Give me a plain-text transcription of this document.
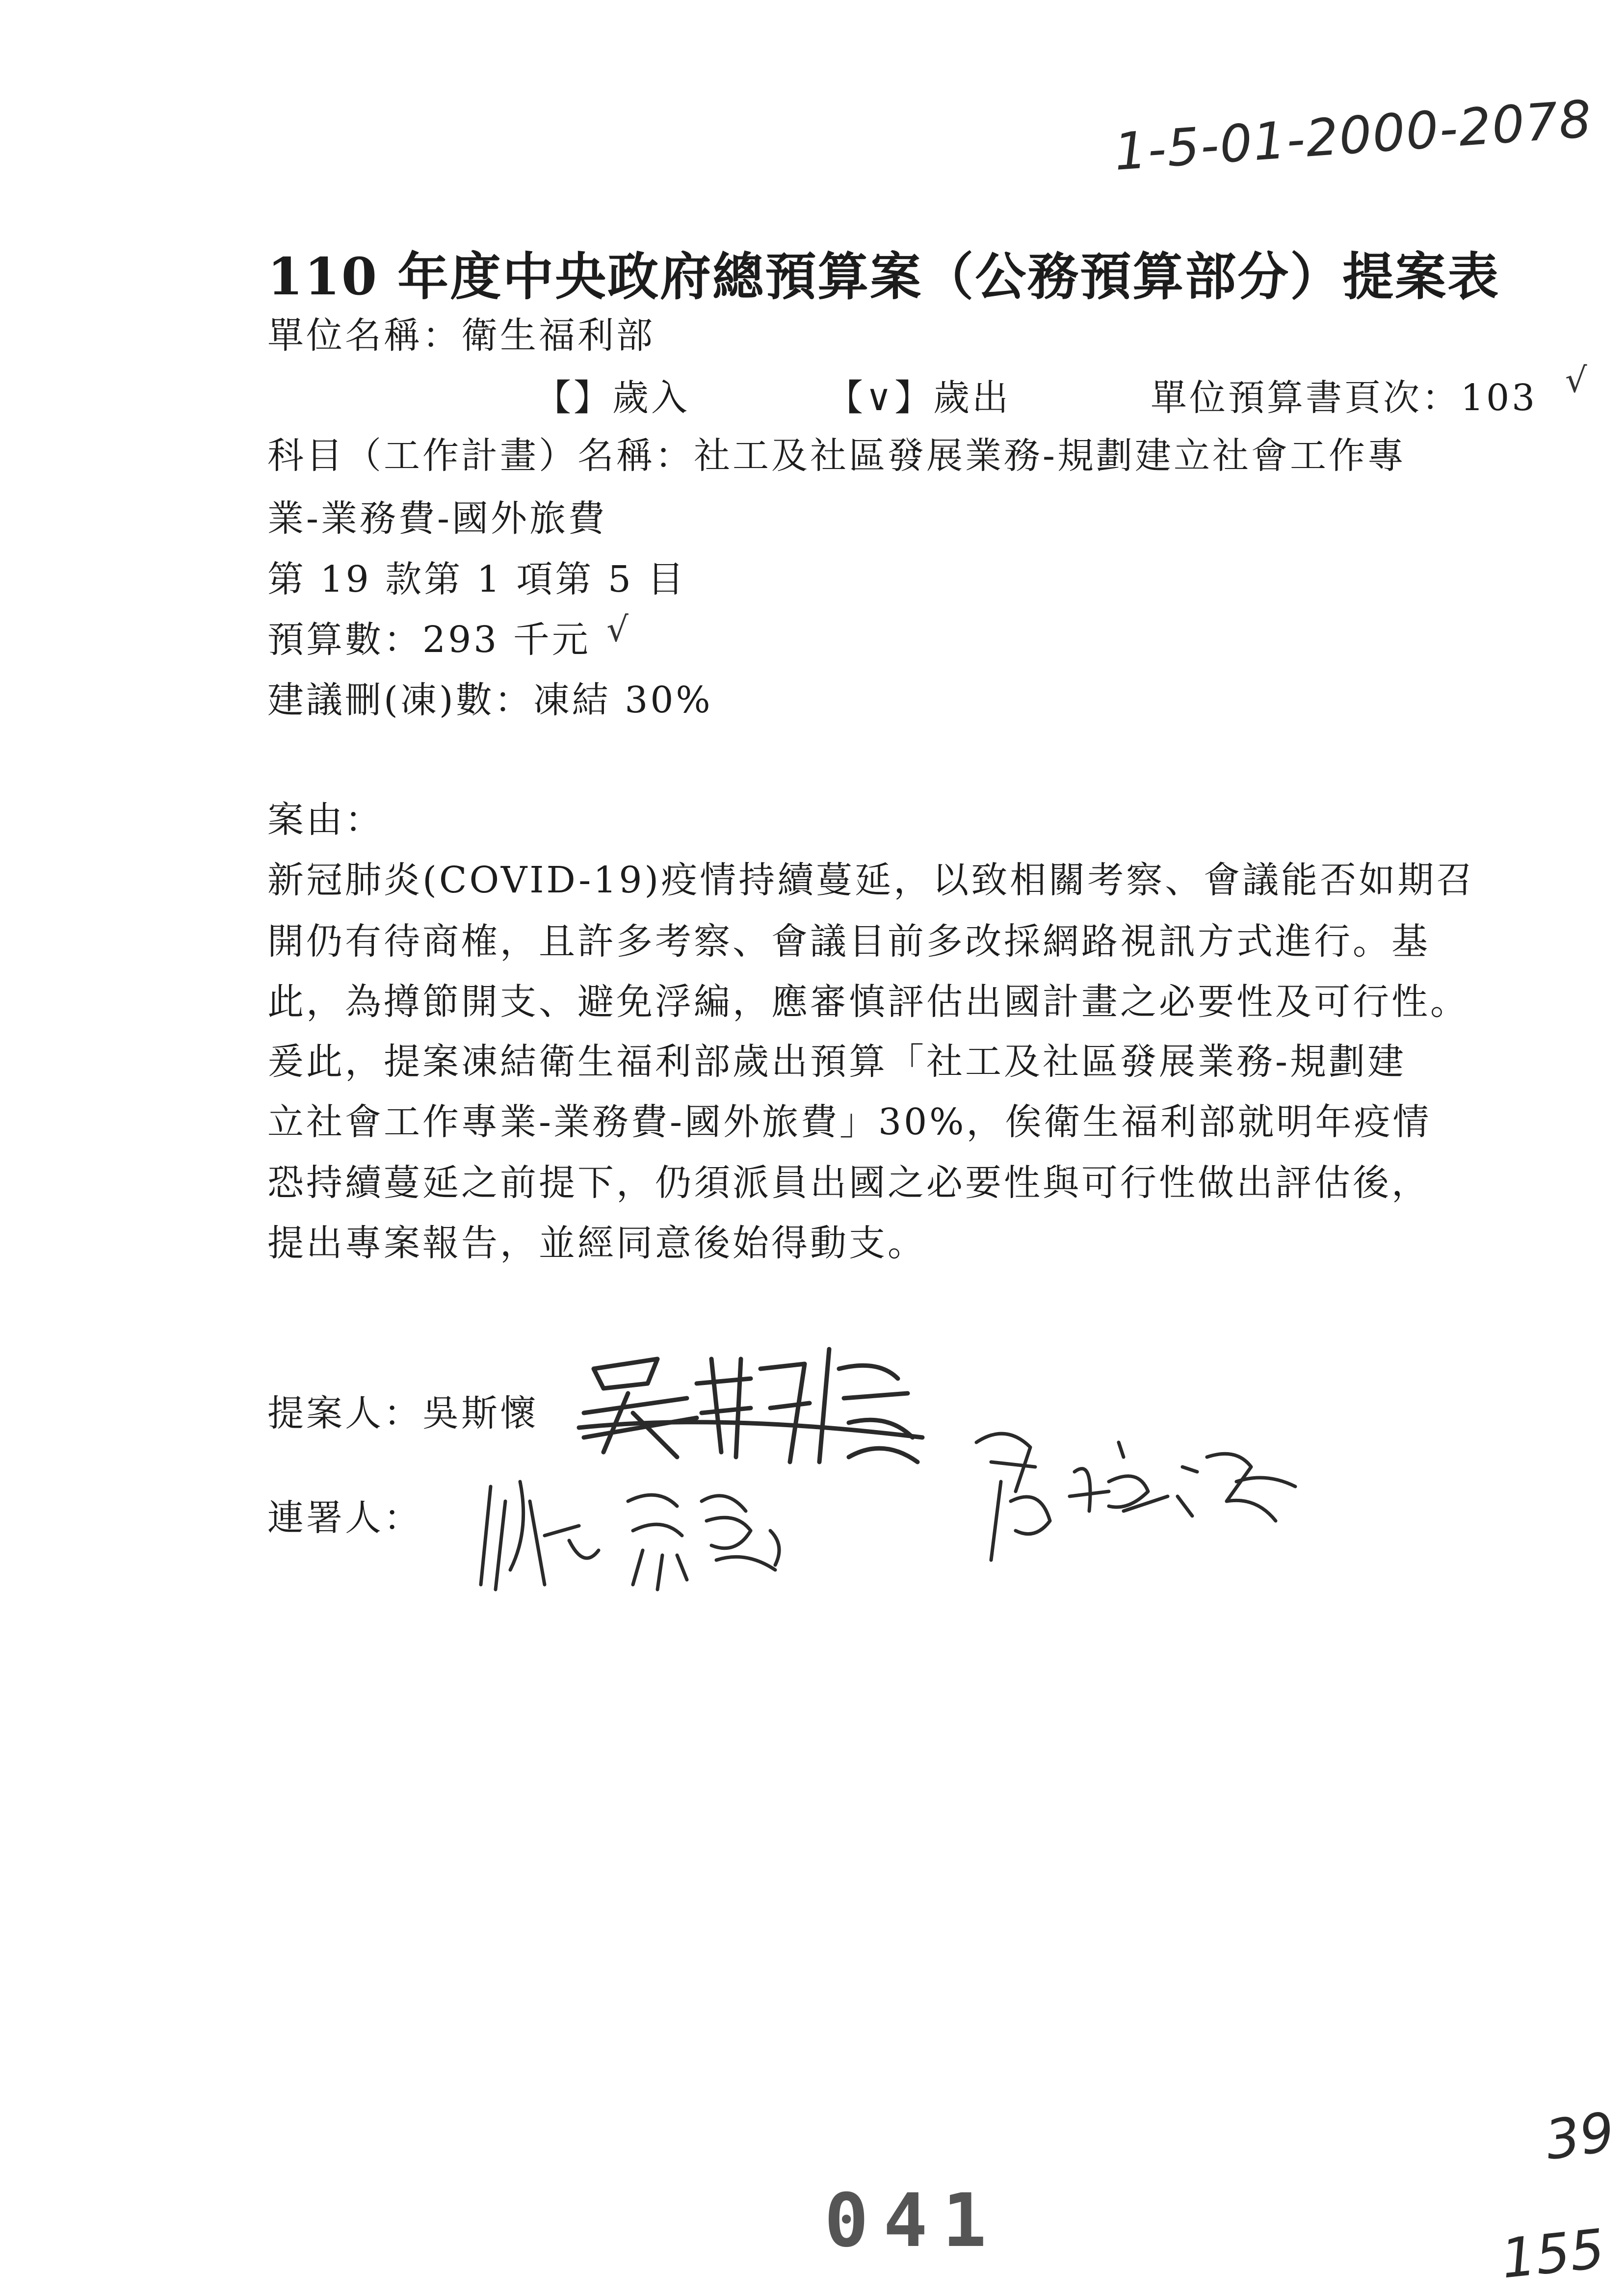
1-5-01-2000-2078
110 年度中央政府總預算案（公務預算部分）提案表
單位名稱：衛生福利部
【】歲入	【∨】歲出	單位預算書頁次：103 √
科目（工作計畫）名稱：社工及社區發展業務-規劃建立社會工作專
業-業務費-國外旅費
第 19 款第 1 項第 5 目
預算數：293 千元 √
建議刪(凍)數：凍結 30%
案由：
新冠肺炎(COVID-19)疫情持續蔓延，以致相關考察、會議能否如期召
開仍有待商榷，且許多考察、會議目前多改採網路視訊方式進行。基
此，為撙節開支、避免浮編，應審慎評估出國計畫之必要性及可行性。
爰此，提案凍結衛生福利部歲出預算「社工及社區發展業務-規劃建
立社會工作專業-業務費-國外旅費」30%，俟衛生福利部就明年疫情
恐持續蔓延之前提下，仍須派員出國之必要性與可行性做出評估後，
提出專案報告，並經同意後始得動支。
提案人：吳斯懷
連署人：
041
39
155
